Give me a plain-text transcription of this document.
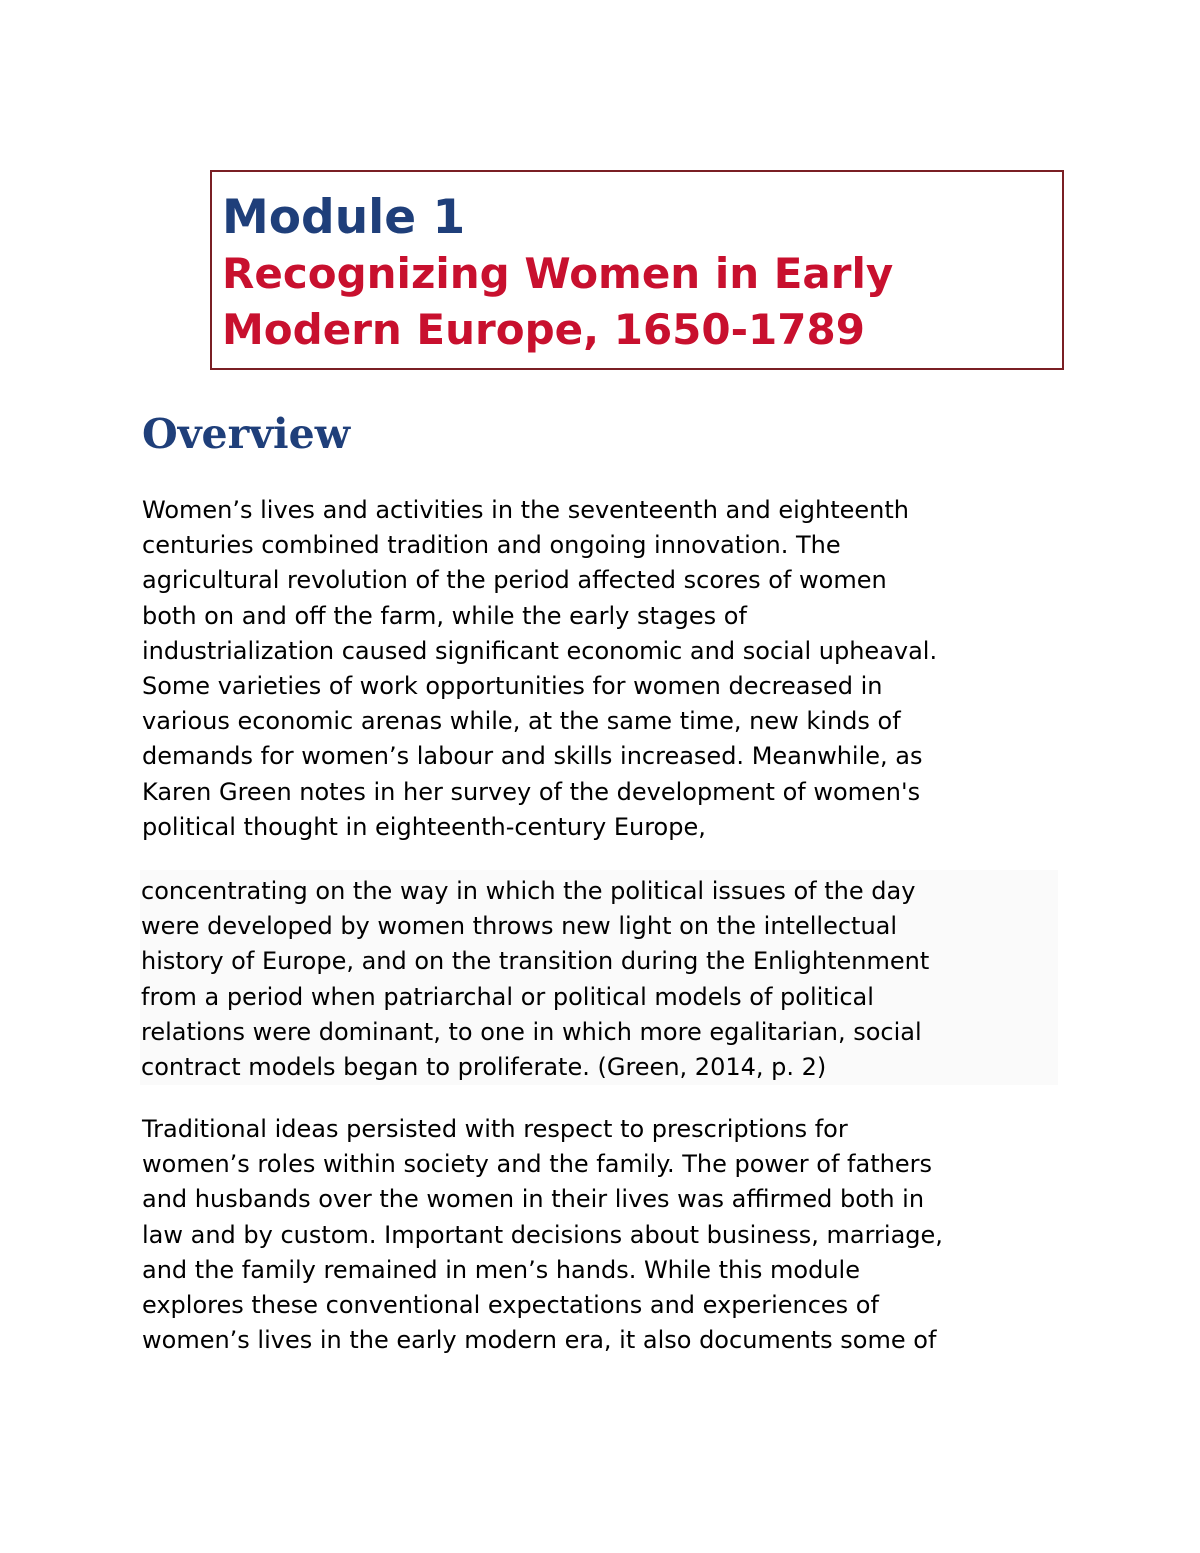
Module 1
Recognizing Women in Early
Modern Europe, 1650-1789
Overview

Women’s lives and activities in the seventeenth and eighteenth
centuries combined tradition and ongoing innovation. The
agricultural revolution of the period affected scores of women
both on and off the farm, while the early stages of
industrialization caused significant economic and social upheaval.
Some varieties of work opportunities for women decreased in
various economic arenas while, at the same time, new kinds of
demands for women’s labour and skills increased. Meanwhile, as
Karen Green notes in her survey of the development of women's
political thought in eighteenth-century Europe,

concentrating on the way in which the political issues of the day
were developed by women throws new light on the intellectual
history of Europe, and on the transition during the Enlightenment
from a period when patriarchal or political models of political
relations were dominant, to one in which more egalitarian, social
contract models began to proliferate. (Green, 2014, p. 2)

Traditional ideas persisted with respect to prescriptions for
women’s roles within society and the family. The power of fathers
and husbands over the women in their lives was affirmed both in
law and by custom. Important decisions about business, marriage,
and the family remained in men’s hands. While this module
explores these conventional expectations and experiences of
women’s lives in the early modern era, it also documents some of
